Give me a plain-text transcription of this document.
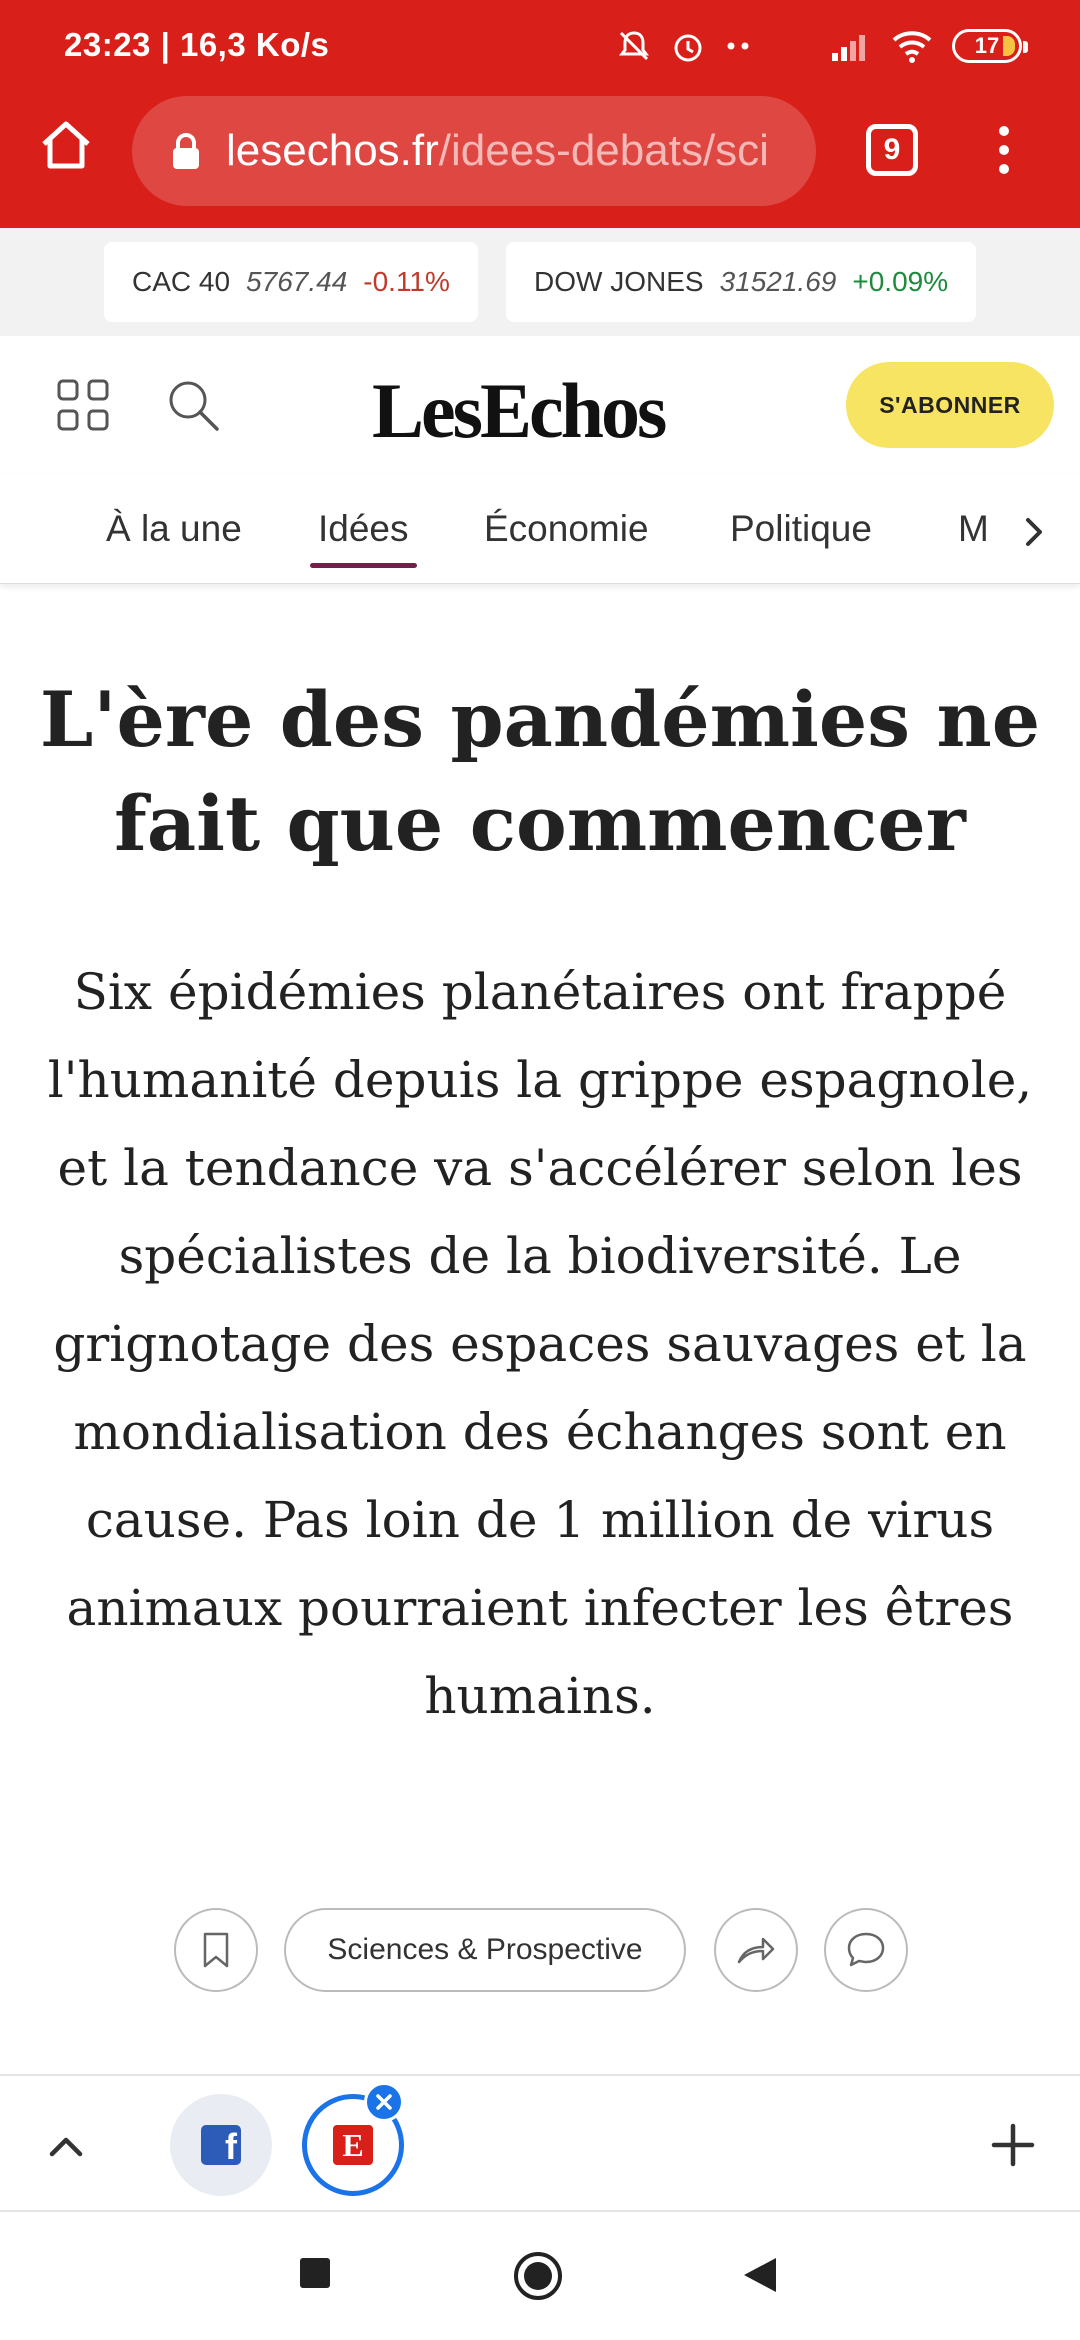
23:23 | 16,3 Ko/s	17
lesechos.fr/idees-debats/sci	9
CAC 40 5767.44 -0.11%	DOW JONES 31521.69 +0.09%
LesEchos	S'ABONNER
À la une Idées Économie Politique M
L'ère des pandémies ne fait que commencer

Six épidémies planétaires ont frappé l'humanité depuis la grippe espagnole, et la tendance va s'accélérer selon les spécialistes de la biodiversité. Le grignotage des espaces sauvages et la mondialisation des échanges sont en cause. Pas loin de 1 million de virus animaux pourraient infecter les êtres humains.

Sciences & Prospective
f	E
